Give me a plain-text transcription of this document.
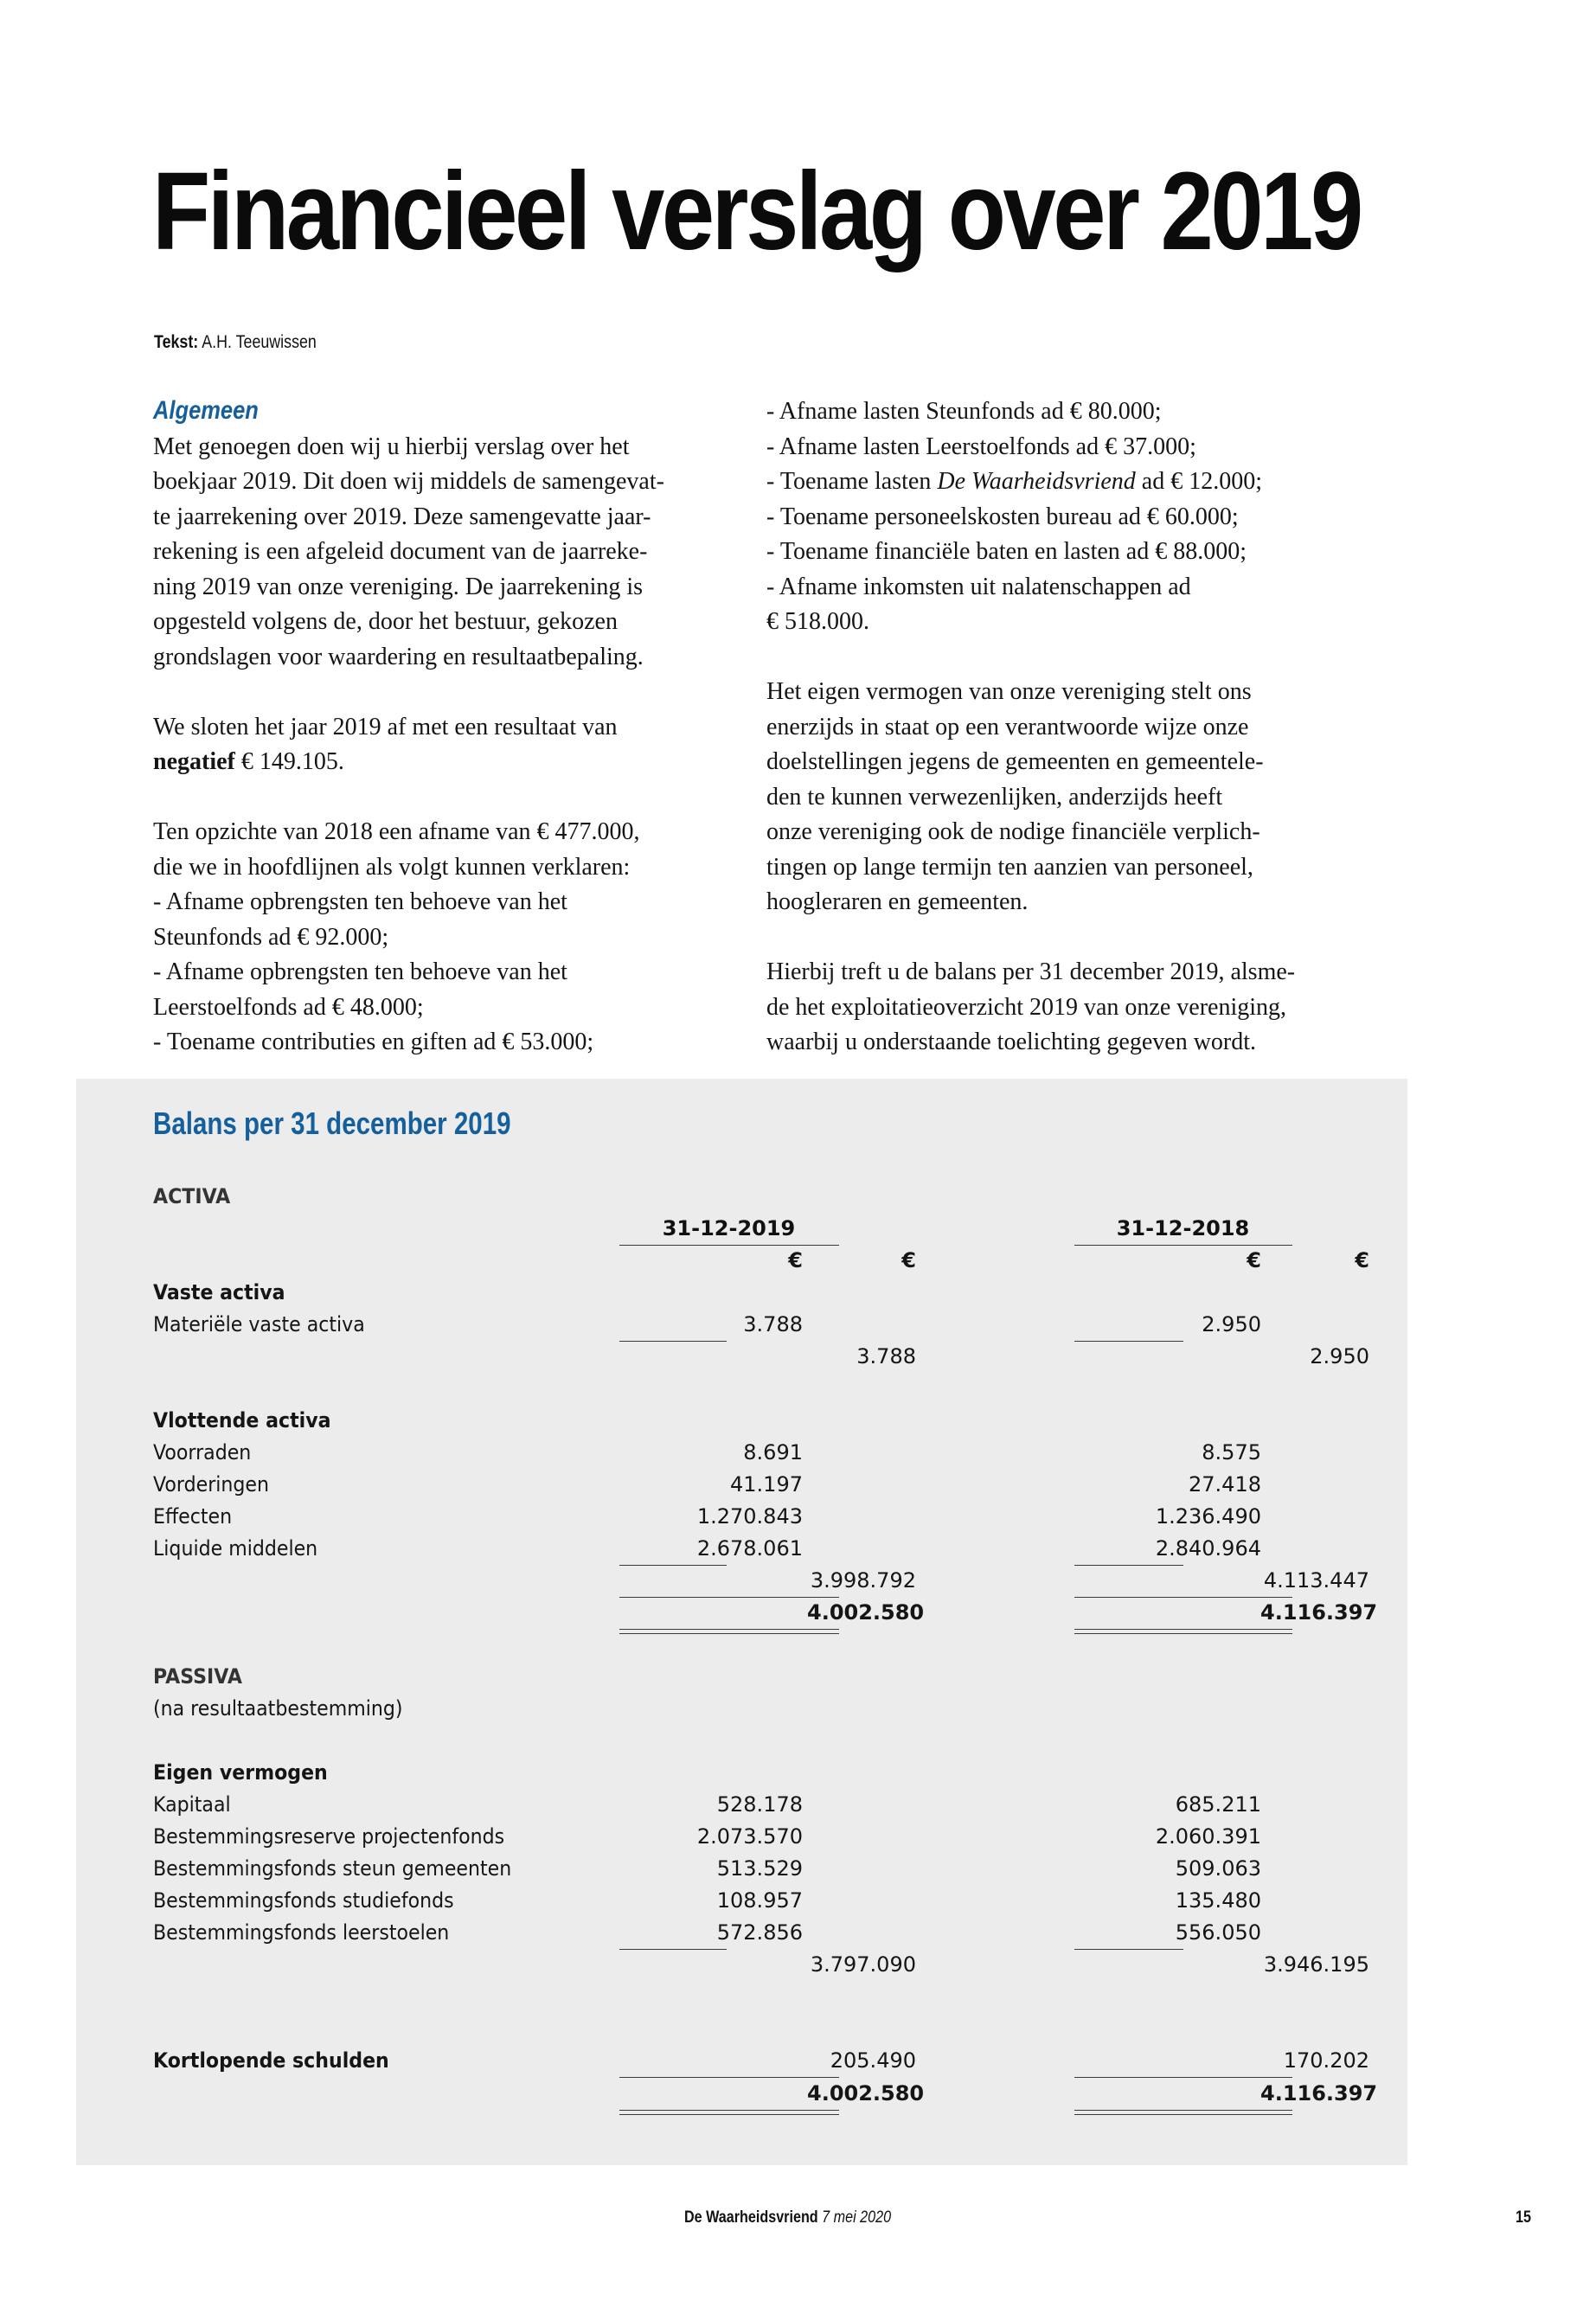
Financieel verslag over 2019
Tekst: A.H. Teeuwissen
Algemeen

Met genoegen doen wij u hierbij verslag over het
boekjaar 2019. Dit doen wij middels de samengevat-
te jaarrekening over 2019. Deze samengevatte jaar-
rekening is een afgeleid document van de jaarreke-
ning 2019 van onze vereniging. De jaarrekening is
opgesteld volgens de, door het bestuur, gekozen
grondslagen voor waardering en resultaatbepaling.

We sloten het jaar 2019 af met een resultaat van
negatief € 149.105.

Ten opzichte van 2018 een afname van € 477.000,
die we in hoofdlijnen als volgt kunnen verklaren:
- Afname opbrengsten ten behoeve van het
Steunfonds ad € 92.000;
- Afname opbrengsten ten behoeve van het
Leerstoelfonds ad € 48.000;
- Toename contributies en giften ad € 53.000;

- Afname lasten Steunfonds ad € 80.000;
- Afname lasten Leerstoelfonds ad € 37.000;
- Toename lasten De Waarheidsvriend ad € 12.000;
- Toename personeelskosten bureau ad € 60.000;
- Toename financiële baten en lasten ad € 88.000;
- Afname inkomsten uit nalatenschappen ad
€ 518.000.

Het eigen vermogen van onze vereniging stelt ons
enerzijds in staat op een verantwoorde wijze onze
doelstellingen jegens de gemeenten en gemeentele-
den te kunnen verwezenlijken, anderzijds heeft
onze vereniging ook de nodige financiële verplich-
tingen op lange termijn ten aanzien van personeel,
hoogleraren en gemeenten.

Hierbij treft u de balans per 31 december 2019, alsme-
de het exploitatieoverzicht 2019 van onze vereniging,
waarbij u onderstaande toelichting gegeven wordt.

Balans per 31 december 2019
ACTIVA
31-12-2019	31-12-2018
€	€	€	€
Vaste activa
Materiële vaste activa	3.788	2.950
3.788	2.950
Vlottende activa
Voorraden	8.691	8.575
Vorderingen	41.197	27.418
Effecten	1.270.843	1.236.490
Liquide middelen	2.678.061	2.840.964
3.998.792	4.113.447
4.002.580	4.116.397
PASSIVA
(na resultaatbestemming)
Eigen vermogen
Kapitaal	528.178	685.211
Bestemmingsreserve projectenfonds	2.073.570	2.060.391
Bestemmingsfonds steun gemeenten	513.529	509.063
Bestemmingsfonds studiefonds	108.957	135.480
Bestemmingsfonds leerstoelen	572.856	556.050
3.797.090	3.946.195
Kortlopende schulden	205.490	170.202
4.002.580	4.116.397
De Waarheidsvriend 7 mei 2020	15
